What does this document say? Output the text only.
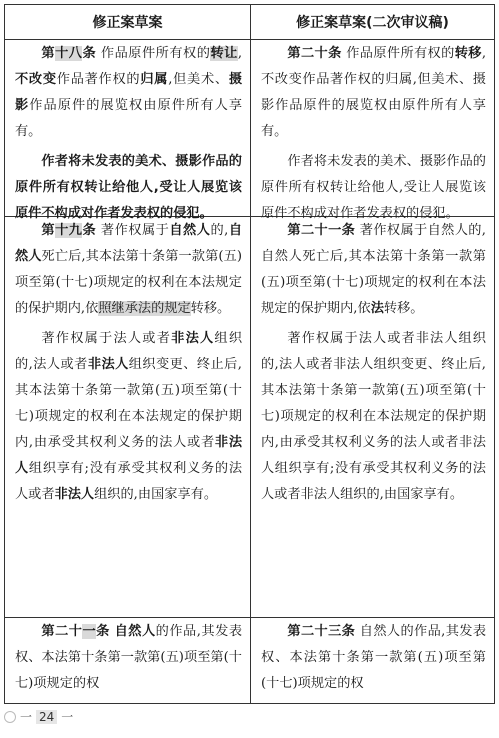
修正案草案	修正案草案(二次审议稿)

第十八条 作品原件所有权的转让,不改变作品著作权的归属,但美术、摄影作品原件的展览权由原件所有人享有。

作者将未发表的美术、摄影作品的原件所有权转让给他人,受让人展览该原件不构成对作者发表权的侵犯。

第二十条 作品原件所有权的转移,不改变作品著作权的归属,但美术、摄影作品原件的展览权由原件所有人享有。

作者将未发表的美术、摄影作品的原件所有权转让给他人,受让人展览该原件不构成对作者发表权的侵犯。

第十九条 著作权属于自然人的,自然人死亡后,其本法第十条第一款第(五)项至第(十七)项规定的权利在本法规定的保护期内,依照继承法的规定转移。

著作权属于法人或者非法人组织的,法人或者非法人组织变更、终止后,其本法第十条第一款第(五)项至第(十七)项规定的权利在本法规定的保护期内,由承受其权利义务的法人或者非法人组织享有;没有承受其权利义务的法人或者非法人组织的,由国家享有。

第二十一条 著作权属于自然人的,自然人死亡后,其本法第十条第一款第(五)项至第(十七)项规定的权利在本法规定的保护期内,依法转移。

著作权属于法人或者非法人组织的,法人或者非法人组织变更、终止后,其本法第十条第一款第(五)项至第(十七)项规定的权利在本法规定的保护期内,由承受其权利义务的法人或者非法人组织享有;没有承受其权利义务的法人或者非法人组织的,由国家享有。

第二十一条 自然人的作品,其发表权、本法第十条第一款第(五)项至第(十七)项规定的权

第二十三条 自然人的作品,其发表权、本法第十条第一款第(五)项至第(十七)项规定的权

一 24 一
